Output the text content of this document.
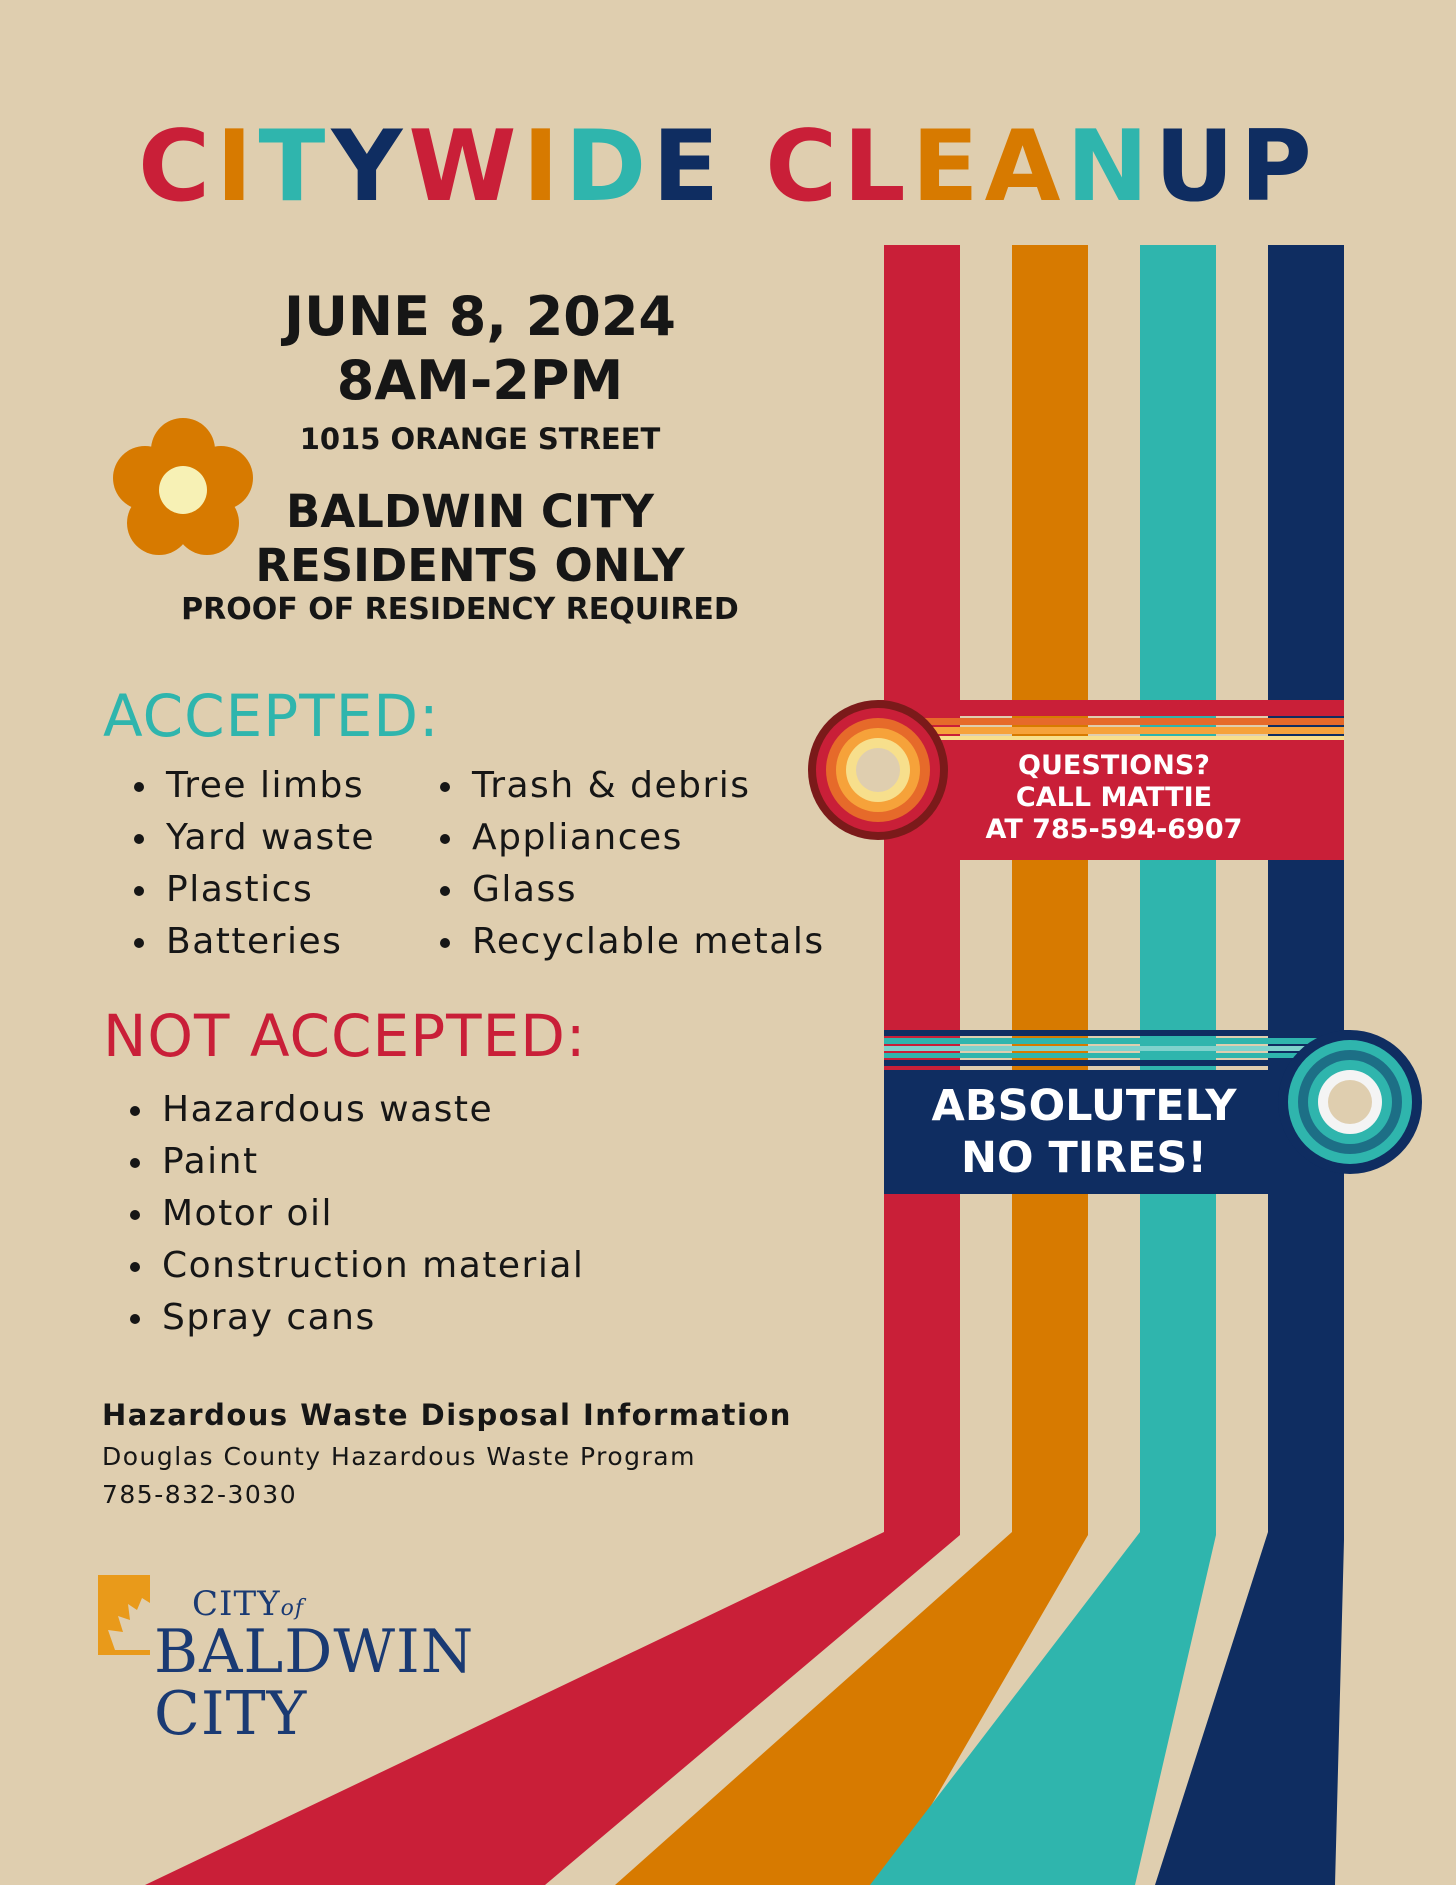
CITYWIDE CLEANUP
JUNE 8, 2024
8AM-2PM
1015 ORANGE STREET
BALDWIN CITY
RESIDENTS ONLY
PROOF OF RESIDENCY REQUIRED
ACCEPTED:
Tree limbs
Yard waste
Plastics
Batteries
Trash & debris
Appliances
Glass
Recyclable metals
NOT ACCEPTED:
Hazardous waste
Paint
Motor oil
Construction material
Spray cans
Hazardous Waste Disposal Information
Douglas County Hazardous Waste Program
785-832-3030
QUESTIONS?
CALL MATTIE
AT 785-594-6907
ABSOLUTELY
NO TIRES!
CITYof
BALDWIN
CITY
